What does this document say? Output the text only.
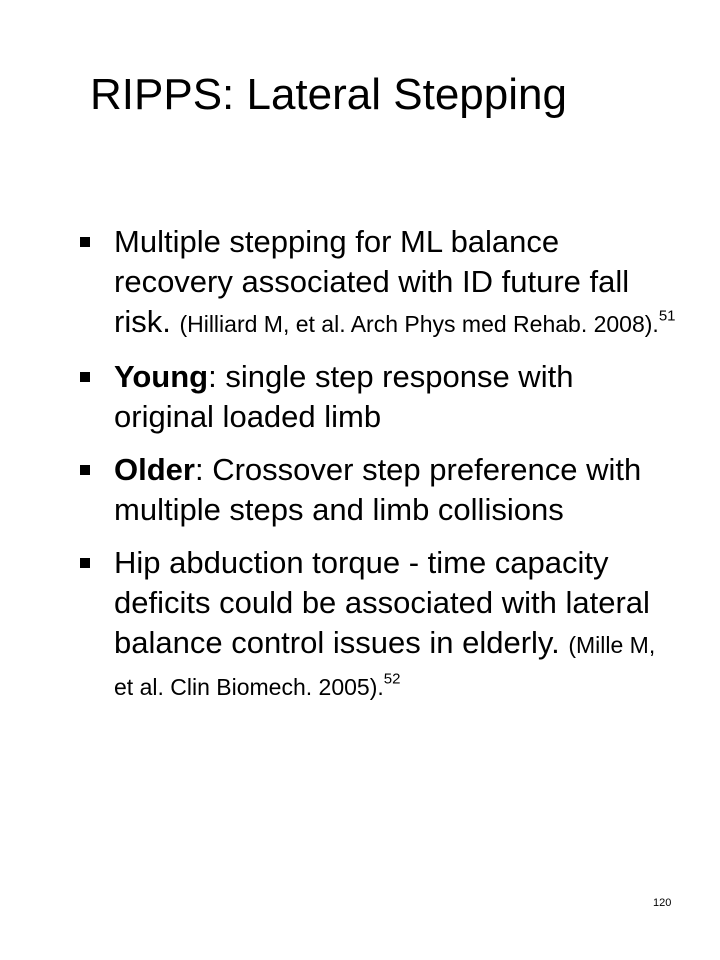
RIPPS: Lateral Stepping
Multiple stepping for ML balance recovery associated with ID future fall risk. (Hilliard M, et al. Arch Phys med Rehab. 2008).$^{51}$
Young: single step response with original loaded limb
Older: Crossover step preference with multiple steps and limb collisions
Hip abduction torque - time capacity deficits could be associated with lateral balance control issues in elderly. (Mille M, et al. Clin Biomech. 2005).$^{52}$
120
